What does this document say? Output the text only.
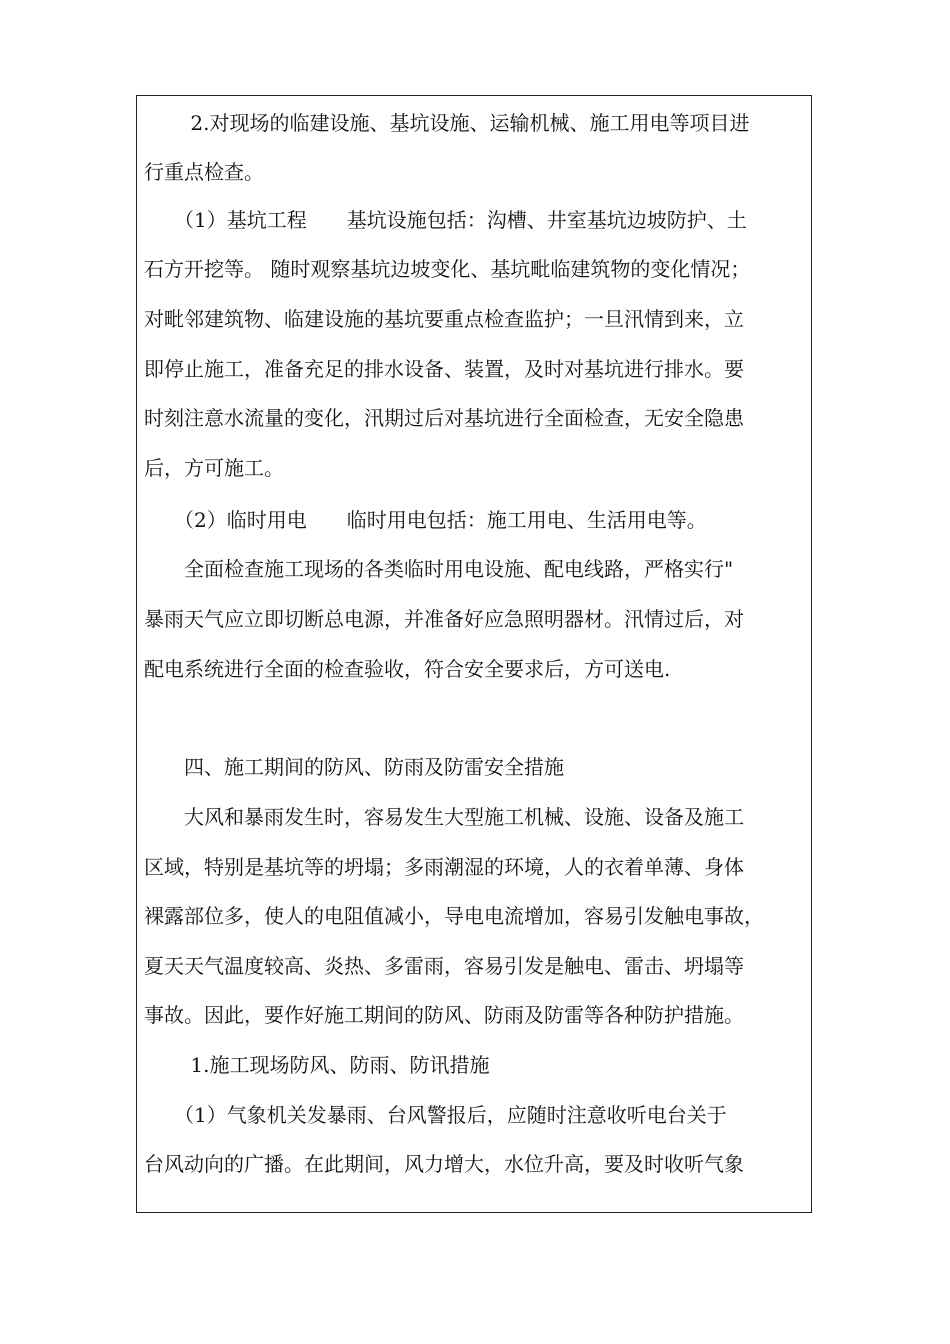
　　 2.对现场的临建设施、基坑设施、运输机械、施工用电等项目进
行重点检查。
　　（1）基坑工程　　基坑设施包括：沟槽、井室基坑边坡防护、土
石方开挖等。 随时观察基坑边坡变化、基坑毗临建筑物的变化情况；
对毗邻建筑物、临建设施的基坑要重点检查监护；一旦汛情到来，立
即停止施工，准备充足的排水设备、装置，及时对基坑进行排水。要
时刻注意水流量的变化，汛期过后对基坑进行全面检查，无安全隐患
后，方可施工。
　　（2）临时用电　　临时用电包括：施工用电、生活用电等。
　　全面检查施工现场的各类临时用电设施、配电线路，严格实行"
暴雨天气应立即切断总电源，并准备好应急照明器材。汛情过后，对
配电系统进行全面的检查验收，符合安全要求后，方可送电.
　　四、施工期间的防风、防雨及防雷安全措施
　　大风和暴雨发生时，容易发生大型施工机械、设施、设备及施工
区域，特别是基坑等的坍塌；多雨潮湿的环境，人的衣着单薄、身体
裸露部位多，使人的电阻值减小，导电电流增加，容易引发触电事故，
夏天天气温度较高、炎热、多雷雨，容易引发是触电、雷击、坍塌等
事故。因此，要作好施工期间的防风、防雨及防雷等各种防护措施。
　　 1.施工现场防风、防雨、防讯措施
　　（1）气象机关发暴雨、台风警报后，应随时注意收听电台关于
台风动向的广播。在此期间，风力增大，水位升高，要及时收听气象
